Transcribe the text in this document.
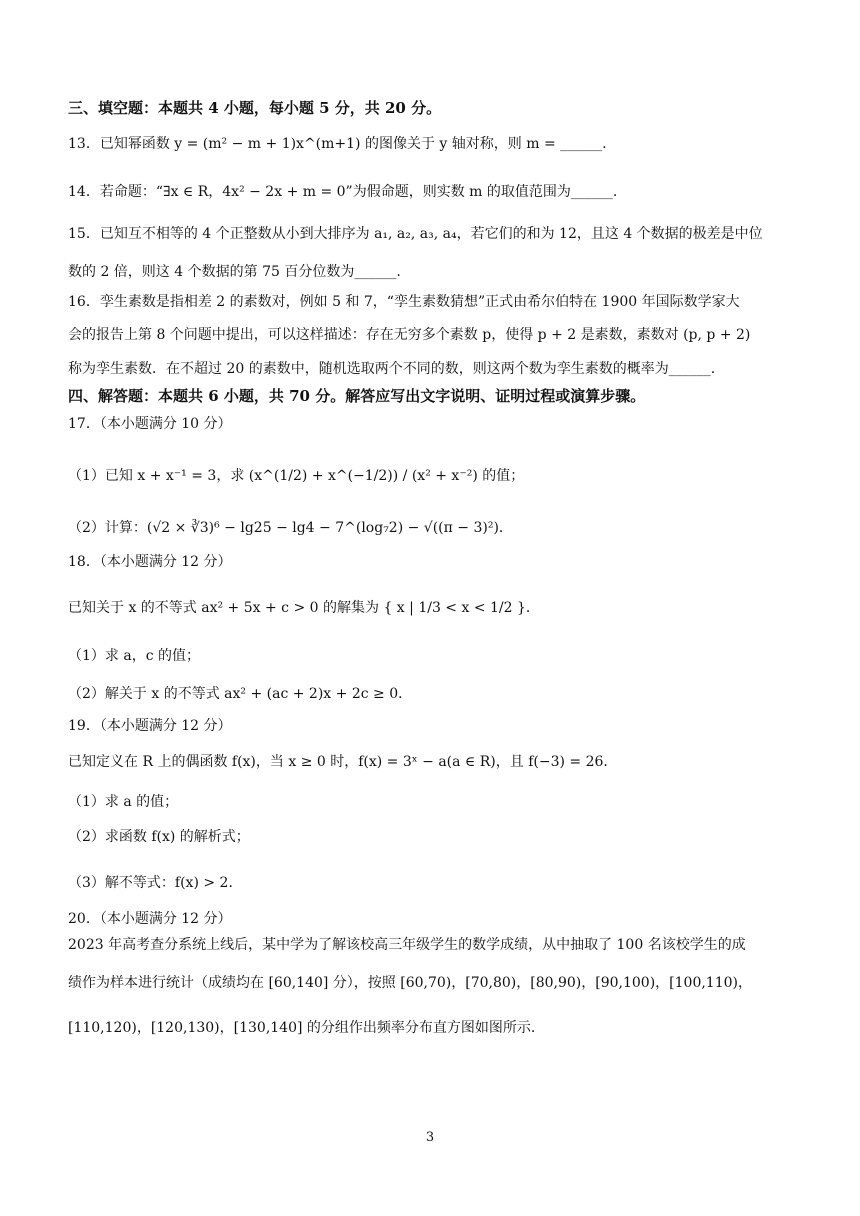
三、填空题：本题共 4 小题，每小题 5 分，共 20 分。
13．已知幂函数 y = (m² − m + 1)x^(m+1) 的图像关于 y 轴对称，则 m = ______.
14．若命题：“∃x ∈ R，4x² − 2x + m = 0”为假命题，则实数 m 的取值范围为______.
15．已知互不相等的 4 个正整数从小到大排序为 a₁, a₂, a₃, a₄，若它们的和为 12，且这 4 个数据的极差是中位
数的 2 倍，则这 4 个数据的第 75 百分位数为______.
16．孪生素数是指相差 2 的素数对，例如 5 和 7，“孪生素数猜想”正式由希尔伯特在 1900 年国际数学家大
会的报告上第 8 个问题中提出，可以这样描述：存在无穷多个素数 p，使得 p + 2 是素数，素数对 (p, p + 2)
称为孪生素数．在不超过 20 的素数中，随机选取两个不同的数，则这两个数为孪生素数的概率为______.
四、解答题：本题共 6 小题，共 70 分。解答应写出文字说明、证明过程或演算步骤。
17．（本小题满分 10 分）
（1）已知 x + x⁻¹ = 3，求 (x^(1/2) + x^(−1/2)) / (x² + x⁻²) 的值；
（2）计算：(√2 × ∛3)⁶ − lg25 − lg4 − 7^(log₇2) − √((π − 3)²)．
18．（本小题满分 12 分）
已知关于 x 的不等式 ax² + 5x + c > 0 的解集为 { x | 1/3 < x < 1/2 }．
（1）求 a，c 的值；
（2）解关于 x 的不等式 ax² + (ac + 2)x + 2c ≥ 0．
19．（本小题满分 12 分）
已知定义在 R 上的偶函数 f(x)，当 x ≥ 0 时，f(x) = 3ˣ − a(a ∈ R)，且 f(−3) = 26．
（1）求 a 的值；
（2）求函数 f(x) 的解析式；
（3）解不等式：f(x) > 2．
20．（本小题满分 12 分）
2023 年高考查分系统上线后，某中学为了解该校高三年级学生的数学成绩，从中抽取了 100 名该校学生的成
绩作为样本进行统计（成绩均在 [60,140] 分），按照 [60,70)，[70,80)，[80,90)，[90,100)，[100,110)，
[110,120)，[120,130)，[130,140] 的分组作出频率分布直方图如图所示.
3
